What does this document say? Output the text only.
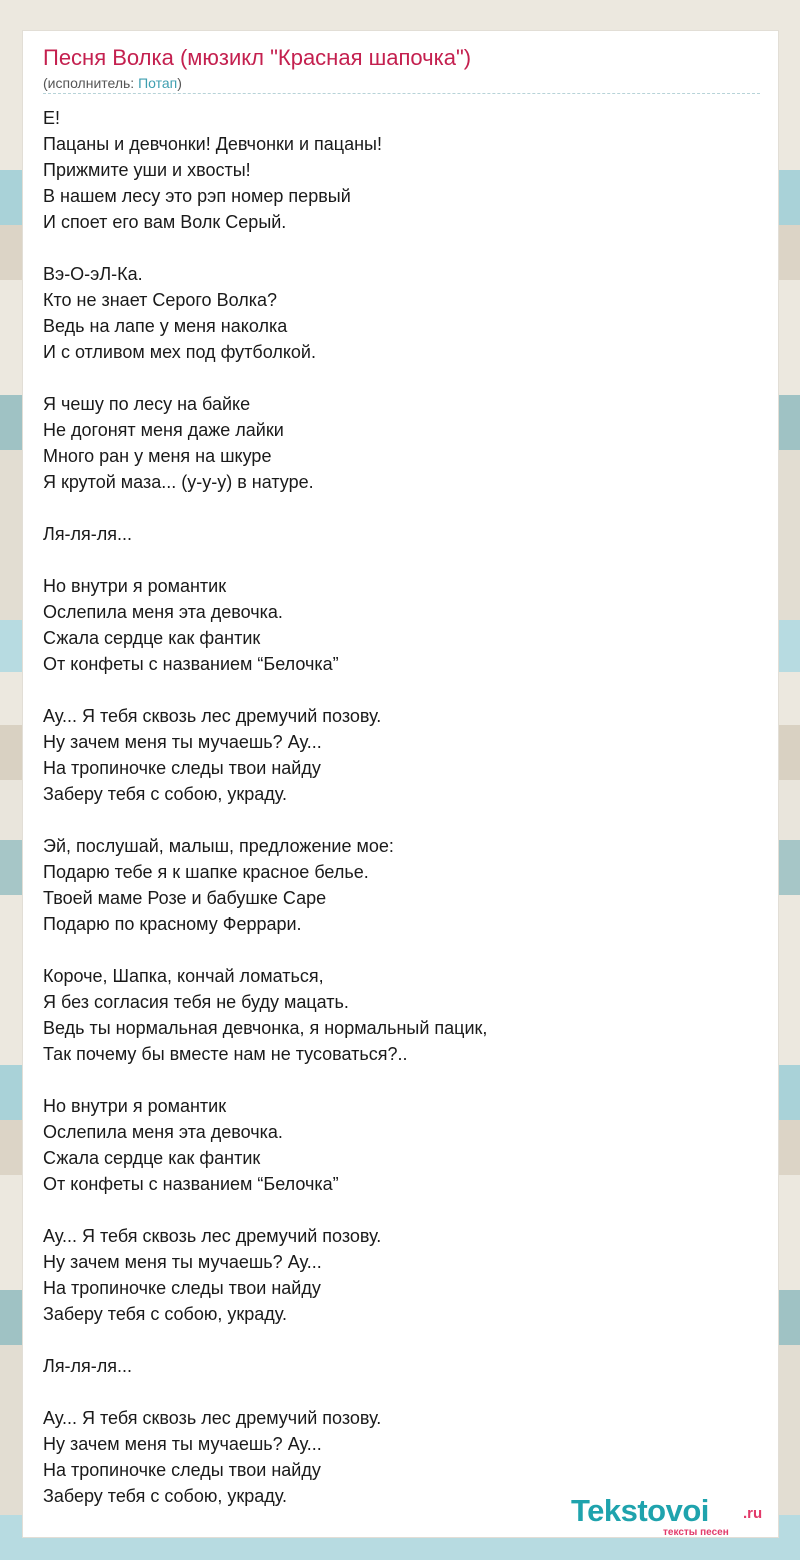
Песня Волка (мюзикл "Красная шапочка")
(исполнитель: Потап)
Е!
Пацаны и девчонки! Девчонки и пацаны!
Прижмите уши и хвосты!
В нашем лесу это рэп номер первый
И споет его вам Волк Серый.
Вэ-О-эЛ-Ка.
Кто не знает Серого Волка?
Ведь на лапе у меня наколка
И с отливом мех под футболкой.
Я чешу по лесу на байке
Не догонят меня даже лайки
Много ран у меня на шкуре
Я крутой маза... (у-у-у) в натуре.
Ля-ля-ля...
Но внутри я романтик
Ослепила меня эта девочка.
Сжала сердце как фантик
От конфеты с названием “Белочка”
Ау... Я тебя сквозь лес дремучий позову.
Ну зачем меня ты мучаешь? Ау...
На тропиночке следы твои найду
Заберу тебя с собою, украду.
Эй, послушай, малыш, предложение мое:
Подарю тебе я к шапке красное белье.
Твоей маме Розе и бабушке Саре
Подарю по красному Феррари.
Короче, Шапка, кончай ломаться,
Я без согласия тебя не буду мацать.
Ведь ты нормальная девчонка, я нормальный пацик,
Так почему бы вместе нам не тусоваться?..
Но внутри я романтик
Ослепила меня эта девочка.
Сжала сердце как фантик
От конфеты с названием “Белочка”
Ау... Я тебя сквозь лес дремучий позову.
Ну зачем меня ты мучаешь? Ау...
На тропиночке следы твои найду
Заберу тебя с собою, украду.
Ля-ля-ля...
Ау... Я тебя сквозь лес дремучий позову.
Ну зачем меня ты мучаешь? Ау...
На тропиночке следы твои найду
Заберу тебя с собою, украду.	Tekstovoi .ru
тексты песен
